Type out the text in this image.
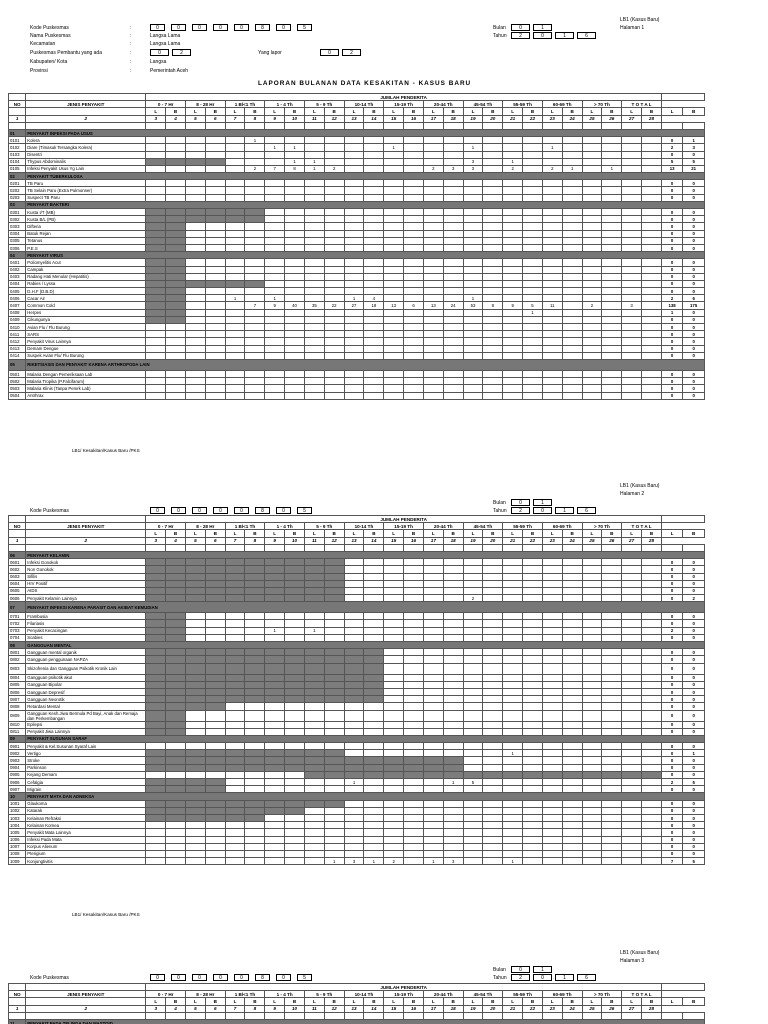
LB1 (Kasus Baru)
Halaman 1
Kode Puskesmas	:	0	0	0	0	0	8	0	5
Nama Puskesmas	:	Langsa Lama
Kecamatan	:	Langsa Lama
Puskesmas Pembantu yang ada	:	0	2	Yang lapor	0	2
Kabupaten/ Kota	:	Langsa
Provinsi	:	Pemerintah Aceh
Bulan	0	1
Tahun	2	0	1	6
LAPORAN BULANAN DATA KESAKITAN - KASUS BARU
		JUMLAH PENDERITA																											
NO	JENIS PENYAKIT	0 - 7 Hr		8 - 28 Hr		1 Bl<1 Th		1 - 4 Th		5 - 9 Th		10-14 Th		15-19 Th		20-44 Th		45-54 Th		55-59 Th		60-69 Th		> 70 Th		T O T A L			
		L	B	L	B	L	B	L	B	L	B	L	B	L	B	L	B	L	B	L	B	L	B	L	B	L	B	L	B
1	2	3	4	5	6	7	8	9	10	11	12	13	14	15	16	17	18	19	20	21	22	23	24	25	26	27	28		

01	PENYAKIT INFEKSI PADA USUS																												
0101	Kolera						1																					0	1
0102	Diare (Timasuk Tersangka Kolera)							1	1					1				1				1						2	3
0103	Disentri																											0	0
0104	Thypus Abdominalis								1	1								3		1								5	5
0105	Infeksi Penyakit Usus Yg Lain						2	7	8	1	2					2	3	3		2		2	1		1			13	21
02	PENYAKIT TUBERKULOSA																												
0201	TB Paru																											0	0
0202	TB Selain Paru (Extra Pulmonner)																											0	0
0203	Suspect TB Paru																											0	0
03	PENYAKIT BAKTERI																												
0301	Kusta I/T (MB)																											0	0
0302	Kusta B/L (PB)																											0	0
0303	Difteria																											0	0
0304	Batuk Rejan																											0	0
0305	Tetanus																											0	0
0306	P.E.S																											0	0
04	PENYAKIT VIRUS																												
0401	Poliomyelitis Acut																											0	0
0402	Campak																											0	0
0403	Radang Hati Menular (Hepatitis)																											0	0
0404	Rabies / Lyssa																											0	0
0405	D.H.F (D.B.D)																											0	0
0406	Cacar Air					1		1				1	4					1										2	6
0407	Common Cold						7	9	40	35	22	27	18	13	6	13	24	53	8	9	5	11		2		3		138	175
0408	Herpes																				1							1	0
0409	Cikungunya																											0	0
0410	Avian Flu / Flu Burung																											0	0
0411	SARS																											0	0
0412	Penyakit Virus Lainnya																											0	0
0413	Demam Dengue																											0	0
0414	Suspek Avian Flu/ Flu Burung																											0	0
05	RIKETSIASIS DAN PENYAKIT KARENA ARTHROPODA LAIN																												
0501	Malaria Dengan Pemeriksaan Lab																											0	0
0502	Malaria Tropika (P.Falcifarum)																											0	0
0503	Malaria Klinis (Tanpa Pemrk Lab)																											0	0
0504	Antrhrax																											0	0
LB1/ Kesakitan/Kasus Baru /PKS
LB1 (Kasus Baru)
Halaman 2
Bulan	0	1
Tahun	2	0	1	6
Kode Puskesmas	0	0	0	0	0	8	0	5
		JUMLAH PENDERITA																											
NO	JENIS PENYAKIT	0 - 7 Hr		8 - 28 Hr		1 Bl<1 Th		1 - 4 Th		5 - 9 Th		10-14 Th		15-19 Th		20-44 Th		45-54 Th		55-59 Th		60-69 Th		> 70 Th		T O T A L			
		L	B	L	B	L	B	L	B	L	B	L	B	L	B	L	B	L	B	L	B	L	B	L	B	L	B	L	B
1	2	3	4	5	6	7	8	9	10	11	12	13	14	15	16	17	18	19	20	21	22	23	24	25	26	27	28		

06	PENYAKIT KELAMIN																												
0601	Infeksi Gonokok																											0	0
0602	Non Gonokok																											0	0
0603	Sifilis																											0	0
0604	HIV Positif																											0	0
0605	AIDS																											0	0
0606	Penyakit Kelamin Lainnya																	2										0	2
07	PENYAKIT INFEKSI KARENA PARASIT DAN AKIBAT KEMUDIAN																												
0701	Frambusia																											0	0
0702	Filariasis																											0	0
0703	Penyakit Kecacingan							1		1																		2	0
0704	Scabies																											0	0
08	GANGGUAN MENTAL																												
0801	Gangguan mental organik																											0	0
0802	Gangguan penggunaan NAPZA																											0	0
0803	Skizofrenia dan Gangguan Psikotik Kronik Lain																											0	0
0804	Gangguan psikotik akut																											0	0
0805	Gangguan Bipolar																											0	0
0806	Gangguan Depresif																											0	0
0807	Gangguan Neorotik																											0	0
0808	Retardasi Mental																											0	0
0809	Gangguan Kesh.Jiwa Bermula Pd Bayi, Anak dan Remaja dan Perkembangan																											0	0
0810	Epilepsi																											0	0
0811	Penyakit Jiwa Lainnya																											0	0
09	PENYAKIT SUSUNAN SARAF																												
0901	Penyakit & Kel.Susunan Syaraf Lain																											0	0
0902	Vertigo																			1								0	1
0903	Stroke																											0	0
0904	Parkinson																											0	0
0905	Kejang Demam																											0	0
0906	Cefalgia											1					1	5										2	5
0907	Migrain																											0	0
10	PENYAKIT MATA DAN ADNEKSA																												
1001	Glaukoma																											0	0
1002	Katarak																											0	0
1003	Kelainan Refraksi																											0	0
1004	Kelainan Kornea																											0	0
1005	Penyakit Mata Lainnya																											0	0
1006	Infeksi Pada Mata																											0	0
1007	Korpus Alienum																											0	0
1008	Pterigium																											0	0
1009	Konjungtivitis										1	3	1	2		1	3			1								7	5
LB1/ Kesakitan/Kasus Baru /PKS
LB1 (Kasus Baru)
Halaman 3
Bulan	0	1
Tahun	2	0	1	6
Kode Puskesmas	0	0	0	0	0	8	0	5
		JUMLAH PENDERITA																											
NO	JENIS PENYAKIT	0 - 7 Hr		8 - 28 Hr		1 Bl<1 Th		1 - 4 Th		5 - 9 Th		10-14 Th		15-19 Th		20-44 Th		45-54 Th		55-59 Th		60-69 Th		> 70 Th		T O T A L			
		L	B	L	B	L	B	L	B	L	B	L	B	L	B	L	B	L	B	L	B	L	B	L	B	L	B	L	B
1	2	3	4	5	6	7	8	9	10	11	12	13	14	15	16	17	18	19	20	21	22	23	24	25	26	27	28		

11	PENYAKIT PADA TELINGA DAN MASTOID																												
